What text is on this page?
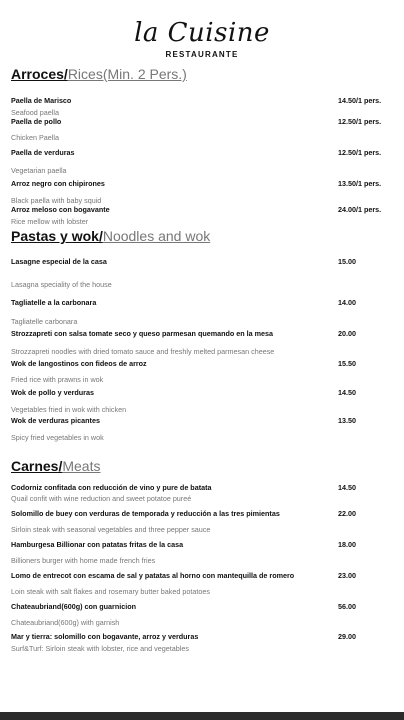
la Cuisine
RESTAURANTE
Arroces/Rices(Min. 2 Pers.)
Paella de Marisco
Seafood paella
14.50/1 pers.
Paella de pollo
Chicken Paella
12.50/1 pers.
Paella de verduras
Vegetarian paella
12.50/1 pers.
Arroz negro con chipirones
Black paella with baby squid
13.50/1 pers.
Arroz meloso con bogavante
Rice mellow with lobster
24.00/1 pers.
Pastas y wok/Noodles and wok
Lasagne especial de la casa
Lasagna speciality of the house
15.00
Tagliatelle a la carbonara
Tagliatelle carbonara
14.00
Strozzapreti con salsa tomate seco y queso parmesan quemando en la mesa
Strozzapreti noodles with dried tomato sauce and freshly melted parmesan cheese
20.00
Wok de langostinos con fideos de arroz
Fried rice with prawns in wok
15.50
Wok de pollo y verduras
Vegetables fried in wok with chicken
14.50
Wok de verduras picantes
Spicy fried vegetables in wok
13.50
Carnes/Meats
Codorniz confitada con reducción de vino y pure de batata
Quail confit with wine reduction and sweet potatoe pureé
14.50
Solomillo de buey con verduras de temporada y reducción a las tres pimientas
Sirloin steak with seasonal vegetables and three pepper sauce
22.00
Hamburgesa Billionar con patatas fritas de la casa
Billioners burger with home made french fries
18.00
Lomo de entrecot con escama de sal y patatas al horno con mantequilla de romero
Loin steak with salt flakes and rosemary butter baked potatoes
23.00
Chateaubriand(600g) con guarnicion
Chateaubriand(600g) with garnish
56.00
Mar y tierra: solomillo con bogavante, arroz y verduras
Surf&Turf: Sirloin steak with lobster, rice and vegetables
29.00
